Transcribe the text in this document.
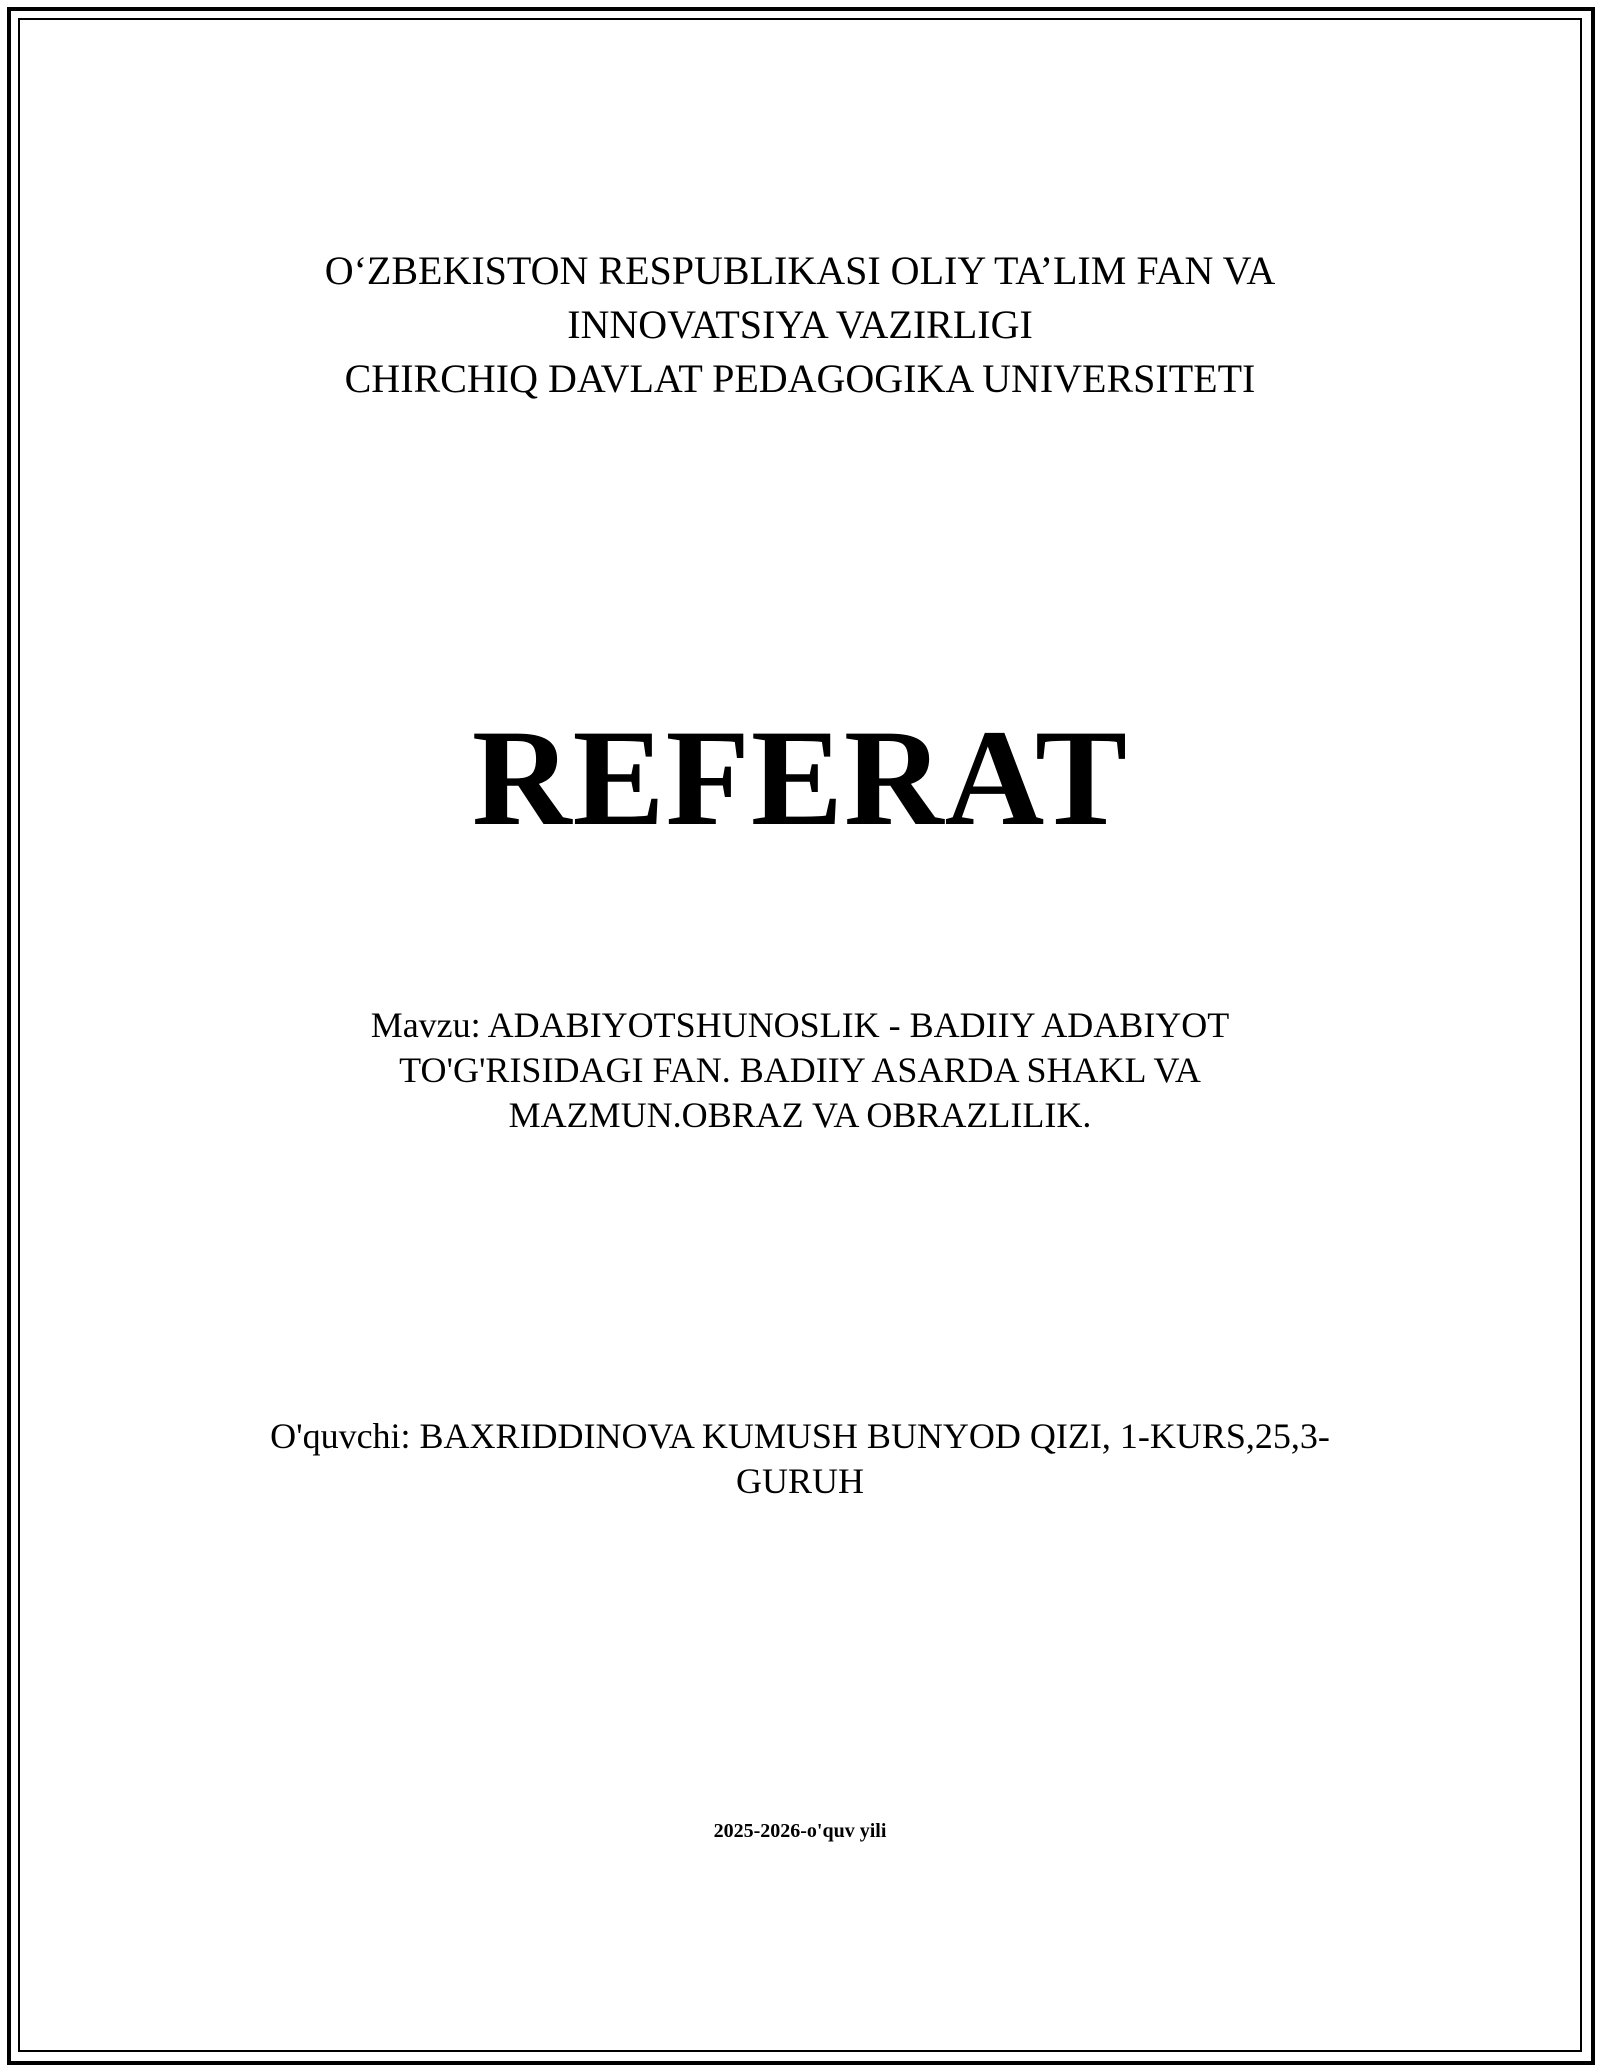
O‘ZBEKISTON RESPUBLIKASI OLIY TA’LIM FAN VA
INNOVATSIYA VAZIRLIGI
CHIRCHIQ DAVLAT PEDAGOGIKA UNIVERSITETI
REFERAT
Mavzu: ADABIYOTSHUNOSLIK - BADIIY ADABIYOT
TO'G'RISIDAGI FAN. BADIIY ASARDA SHAKL VA
MAZMUN.OBRAZ VA OBRAZLILIK.
O'quvchi: BAXRIDDINOVA KUMUSH BUNYOD QIZI, 1-KURS,25,3-
GURUH
2025-2026-o'quv yili
